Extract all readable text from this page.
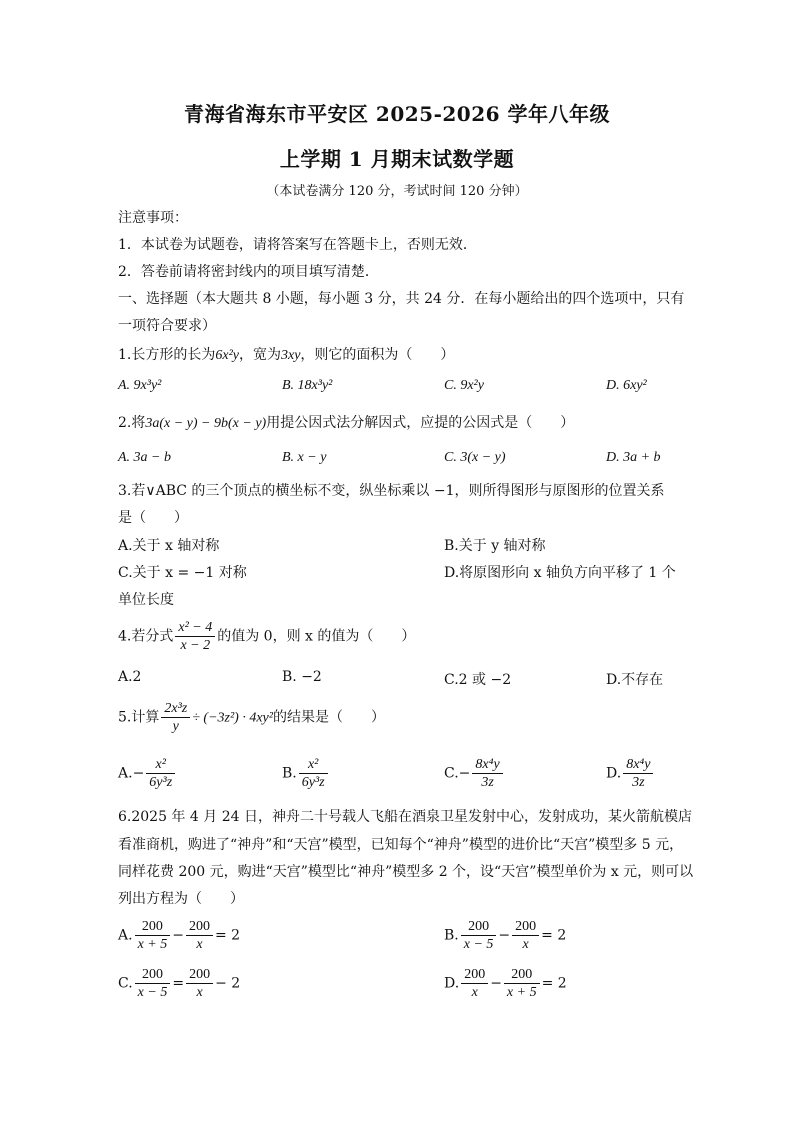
青海省海东市平安区 2025-2026 学年八年级
上学期 1 月期末试数学题
（本试卷满分 120 分，考试时间 120 分钟）
注意事项：
1．本试卷为试题卷，请将答案写在答题卡上，否则无效．
2．答卷前请将密封线内的项目填写清楚．
一、选择题（本大题共 8 小题，每小题 3 分，共 24 分．在每小题给出的四个选项中，只有
一项符合要求）
1.长方形的长为6x²y，宽为3xy，则它的面积为（　　）
A. 9x³y²	B. 18x³y²	C. 9x²y	D. 6xy²
2.将3a(x − y) − 9b(x − y)用提公因式法分解因式，应提的公因式是（　　）
A. 3a − b	B. x − y	C. 3(x − y)	D. 3a + b
3.若∨ABC 的三个顶点的横坐标不变，纵坐标乘以 −1，则所得图形与原图形的位置关系
是（　　）
A.关于 x 轴对称	B.关于 y 轴对称
C.关于 x = −1 对称	D.将原图形向 x 轴负方向平移了 1 个
单位长度
4.若分式 $\frac{\text{x² − 4}}{x - 2}$ 的值为 0，则 x 的值为（　　）
A.2	B. −2	C.2 或 −2	D.不存在
5.计算 $\frac{\text{2x³z}}{y} \div (-3z^2) \cdot 4xy^2$的结果是（　　）
$A.- \frac{\text{x²}}{\text{6y³z}}$	B. $\frac{\text{x²}}{\text{6y³z}}$	$C.- \frac{\text{8x⁴y}}{3z}$	D. $\frac{\text{8x⁴y}}{3z}$
6.2025 年 4 月 24 日，神舟二十号载人飞船在酒泉卫星发射中心，发射成功，某火箭航模店
看准商机，购进了“神舟”和“天宫”模型，已知每个“神舟”模型的进价比“天宫”模型多 5 元，
同样花费 200 元，购进“天宫”模型比“神舟”模型多 2 个，设“天宫”模型单价为 x 元，则可以
列出方程为（　　）
A. $\frac{200}{x + 5} - \frac{200}{x} = 2$	B. $\frac{200}{x - 5} - \frac{200}{x} = 2$
C. $\frac{200}{x - 5} = \frac{200}{x} - 2$	D. $\frac{200}{x} - \frac{200}{x + 5} = 2$
